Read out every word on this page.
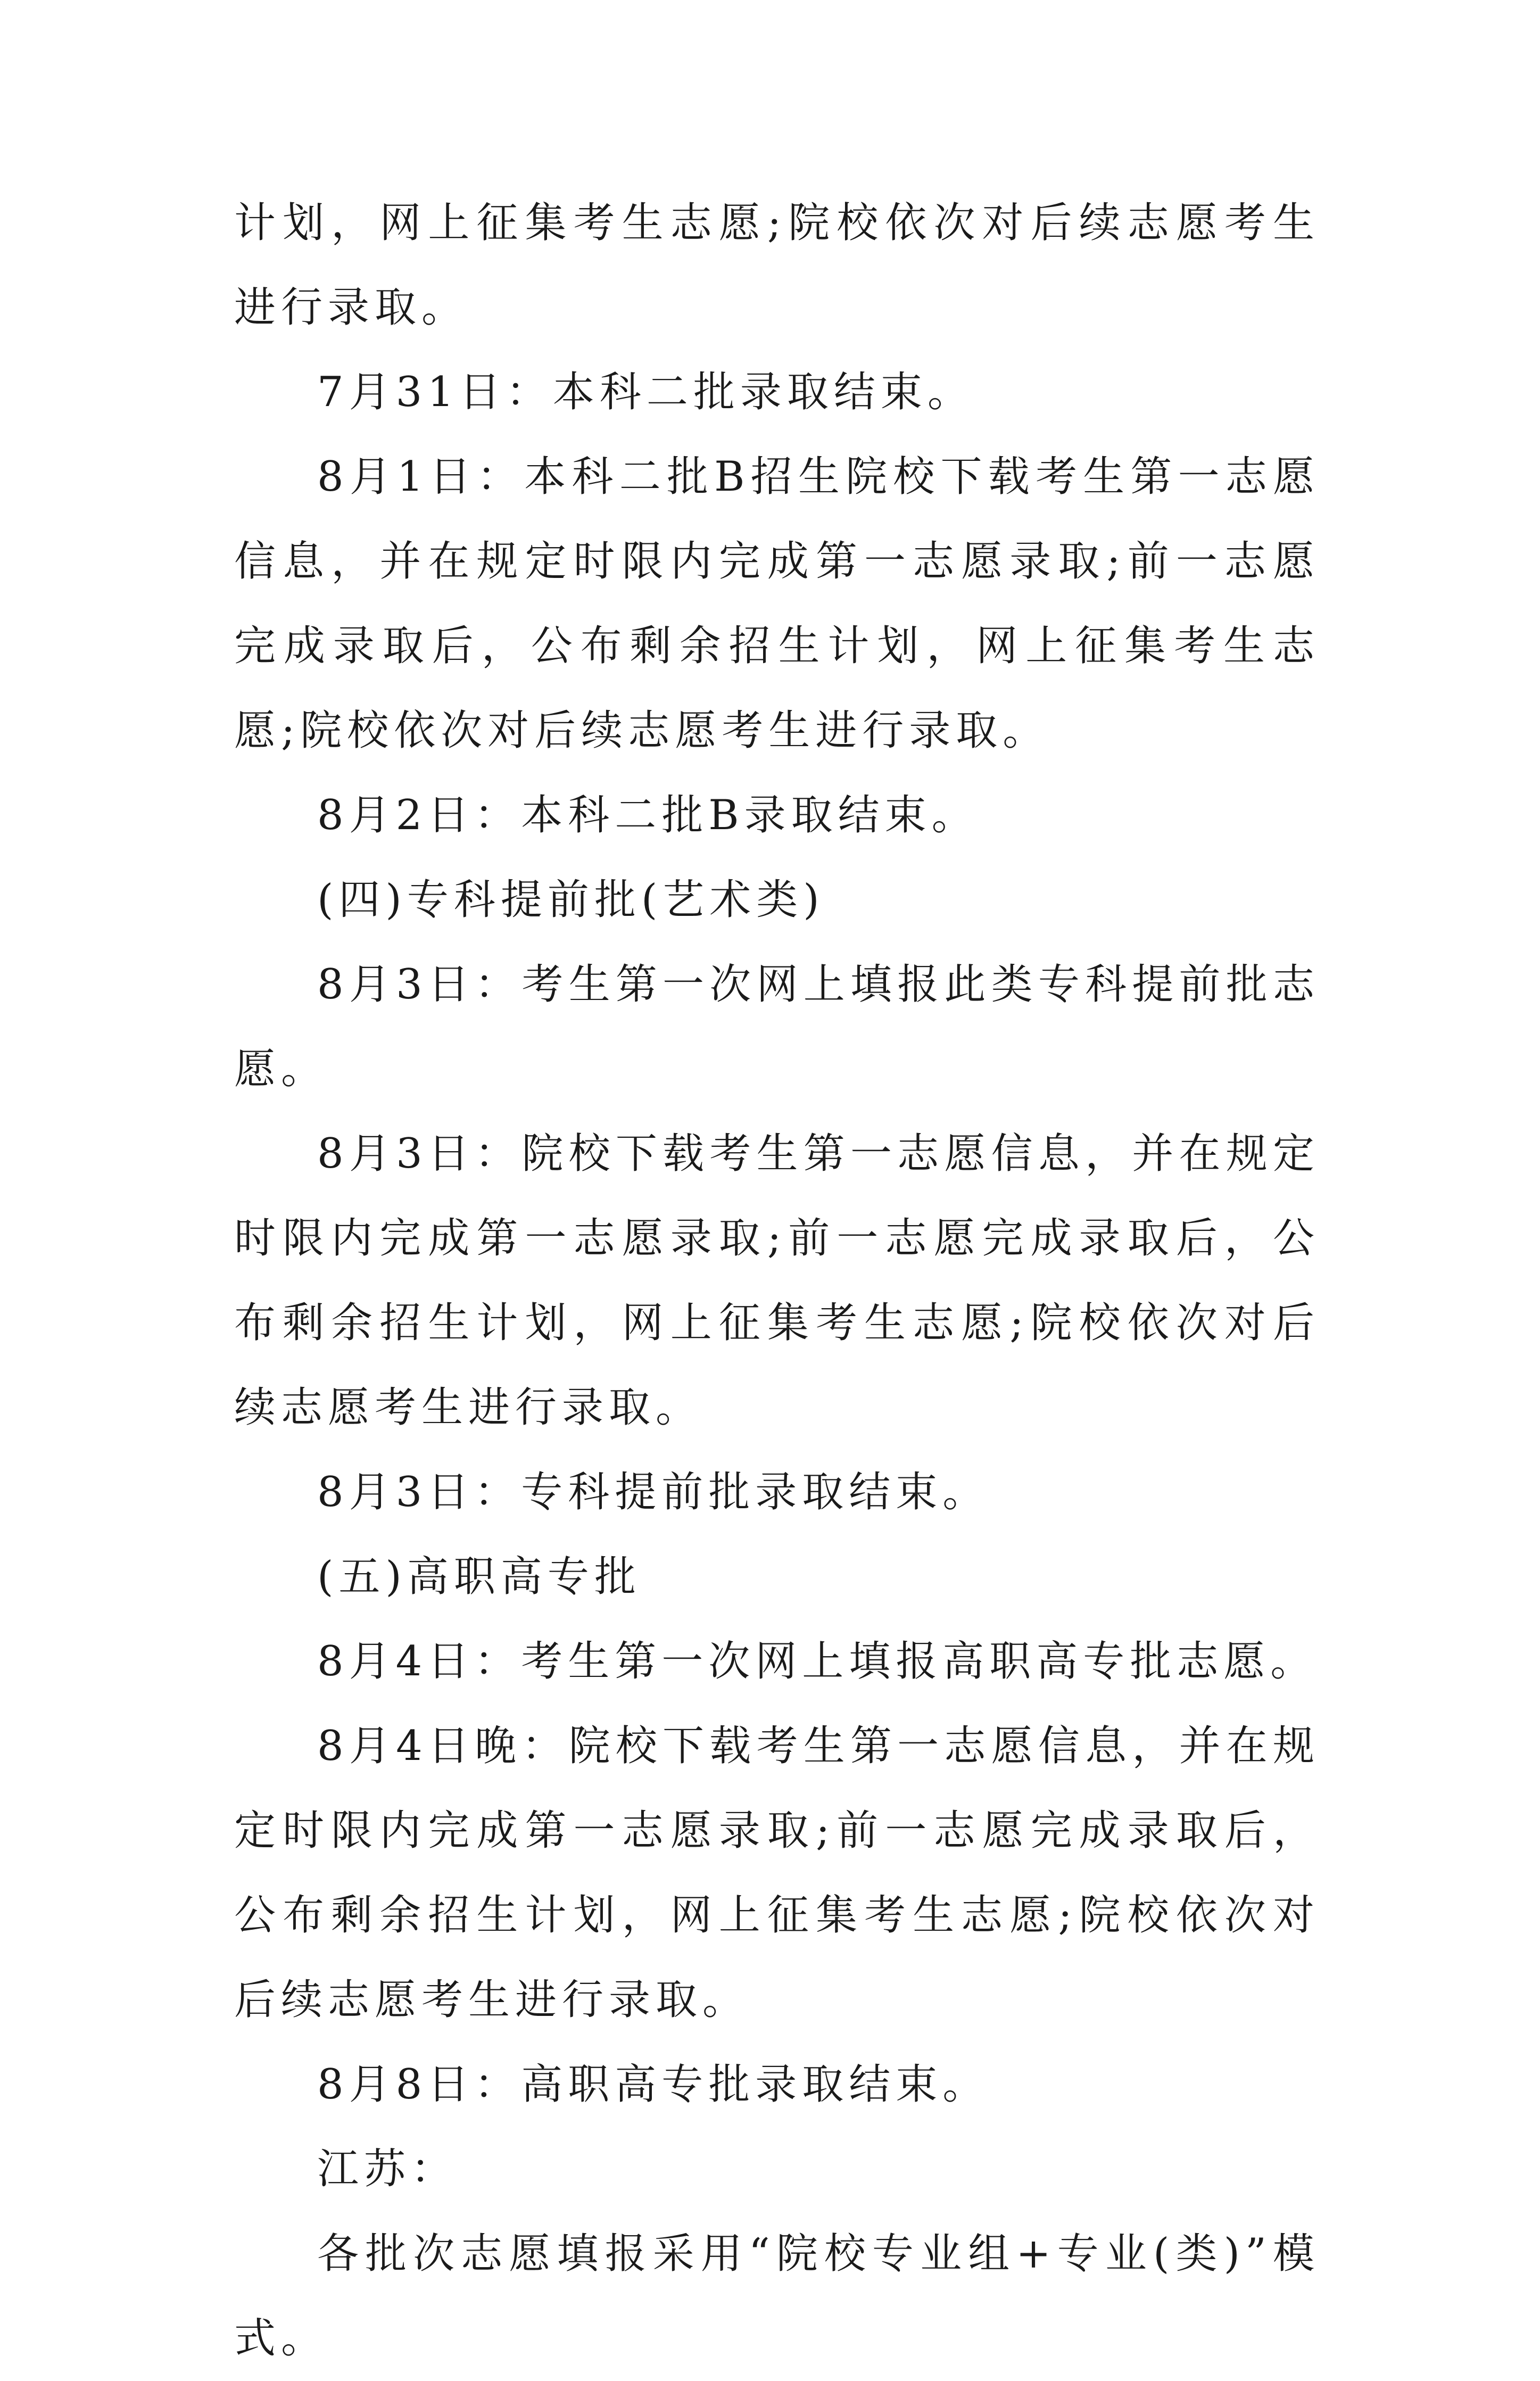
计划，网上征集考生志愿;院校依次对后续志愿考生进行录取。

7月31日：本科二批录取结束。

8月1日：本科二批B招生院校下载考生第一志愿信息，并在规定时限内完成第一志愿录取;前一志愿完成录取后，公布剩余招生计划，网上征集考生志愿;院校依次对后续志愿考生进行录取。

8月2日：本科二批B录取结束。

(四)专科提前批(艺术类)

8月3日：考生第一次网上填报此类专科提前批志愿。

8月3日：院校下载考生第一志愿信息，并在规定时限内完成第一志愿录取;前一志愿完成录取后，公布剩余招生计划，网上征集考生志愿;院校依次对后续志愿考生进行录取。

8月3日：专科提前批录取结束。

(五)高职高专批

8月4日：考生第一次网上填报高职高专批志愿。

8月4日晚：院校下载考生第一志愿信息，并在规定时限内完成第一志愿录取;前一志愿完成录取后，公布剩余招生计划，网上征集考生志愿;院校依次对后续志愿考生进行录取。

8月8日：高职高专批录取结束。

江苏：

各批次志愿填报采用“院校专业组+专业(类)”模式。
